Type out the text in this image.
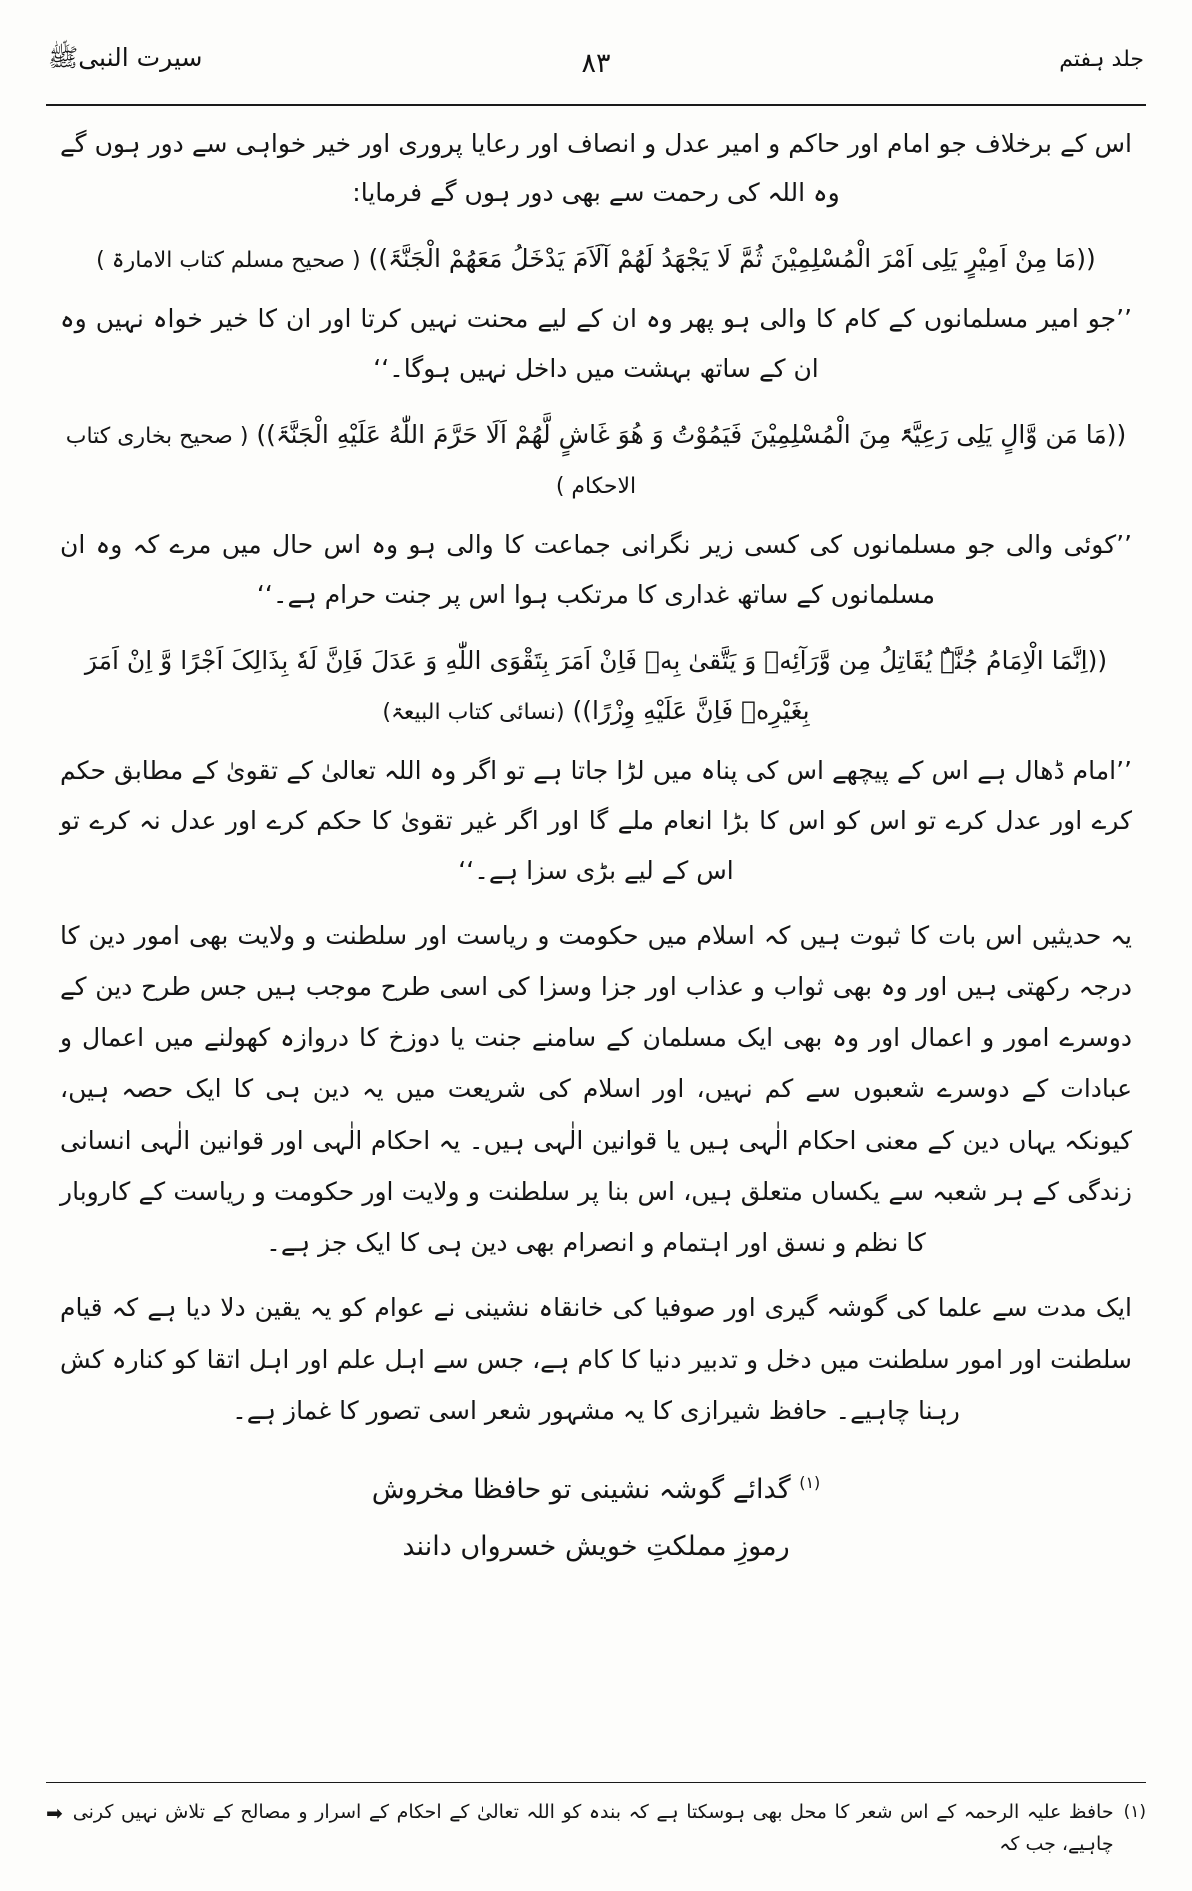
سیرت النبیﷺ	جلد ہفتم
۸۳

اس کے برخلاف جو امام اور حاکم و امیر عدل و انصاف اور رعایا پروری اور خیر خواہی سے دور ہوں گے وہ اللہ کی رحمت سے بھی دور ہوں گے فرمایا:

((مَا مِنْ اَمِیْرٍ یَلِی اَمْرَ الْمُسْلِمِیْنَ ثُمَّ لَا یَجْھَدُ لَھُمْ آلَاَمَ یَدْخَلُ مَعَھُمْ الْجَنَّۃَ)) ( صحیح مسلم کتاب الامارۃ )

’’جو امیر مسلمانوں کے کام کا والی ہو پھر وہ ان کے لیے محنت نہیں کرتا اور ان کا خیر خواہ نہیں وہ ان کے ساتھ بہشت میں داخل نہیں ہوگا۔‘‘

((مَا مَن وَّالٍ یَلِی رَعِیَّۃً مِنَ الْمُسْلِمِیْنَ فَیَمُوْتُ وَ ھُوَ غَاشٍ لَّھُمْ اَلَا حَرَّمَ اللّٰهُ عَلَیْهِ الْجَنَّۃَ)) ( صحیح بخاری کتاب الاحکام )

’’کوئی والی جو مسلمانوں کی کسی زیر نگرانی جماعت کا والی ہو وہ اس حال میں مرے کہ وہ ان مسلمانوں کے ساتھ غداری کا مرتکب ہوا اس پر جنت حرام ہے۔‘‘

((اِنَّمَا الْاِمَامُ جُنَّۃٌ یُقَاتِلُ مِن وَّرَآئِهٖ وَ یَتَّقیٰ بِهٖ فَاِنْ اَمَرَ بِتَقْوَی اللّٰهِ وَ عَدَلَ فَاِنَّ لَهٗ بِذَالِکَ اَجْرًا وَّ اِنْ اَمَرَ بِغَیْرِهٖ فَاِنَّ عَلَیْهِ وِزْرًا)) (نسائی کتاب البیعۃ)

’’امام ڈھال ہے اس کے پیچھے اس کی پناہ میں لڑا جاتا ہے تو اگر وہ اللہ تعالیٰ کے تقویٰ کے مطابق حکم کرے اور عدل کرے تو اس کو اس کا بڑا انعام ملے گا اور اگر غیر تقویٰ کا حکم کرے اور عدل نہ کرے تو اس کے لیے بڑی سزا ہے۔‘‘

یہ حدیثیں اس بات کا ثبوت ہیں کہ اسلام میں حکومت و ریاست اور سلطنت و ولایت بھی امور دین کا درجہ رکھتی ہیں اور وہ بھی ثواب و عذاب اور جزا وسزا کی اسی طرح موجب ہیں جس طرح دین کے دوسرے امور و اعمال اور وہ بھی ایک مسلمان کے سامنے جنت یا دوزخ کا دروازہ کھولنے میں اعمال و عبادات کے دوسرے شعبوں سے کم نہیں، اور اسلام کی شریعت میں یہ دین ہی کا ایک حصہ ہیں، کیونکہ یہاں دین کے معنی احکام الٰہی ہیں یا قوانین الٰہی ہیں۔ یہ احکام الٰہی اور قوانین الٰہی انسانی زندگی کے ہر شعبہ سے یکساں متعلق ہیں، اس بنا پر سلطنت و ولایت اور حکومت و ریاست کے کاروبار کا نظم و نسق اور اہتمام و انصرام بھی دین ہی کا ایک جز ہے۔

ایک مدت سے علما کی گوشہ گیری اور صوفیا کی خانقاہ نشینی نے عوام کو یہ یقین دلا دیا ہے کہ قیام سلطنت اور امور سلطنت میں دخل و تدبیر دنیا کا کام ہے، جس سے اہل علم اور اہل اتقا کو کنارہ کش رہنا چاہیے۔ حافظ شیرازی کا یہ مشہور شعر اسی تصور کا غماز ہے۔

$^{(۱)}$ گدائے گوشہ نشینی تو حافظا مخروش
رموزِ مملکتِ خویش خسرواں دانند
(۱)
حافظ علیہ الرحمہ کے اس شعر کا محل بھی ہوسکتا ہے کہ بندہ کو اللہ تعالیٰ کے احکام کے اسرار و مصالح کے تلاش نہیں کرنی چاہیے، جب کہ
➡
